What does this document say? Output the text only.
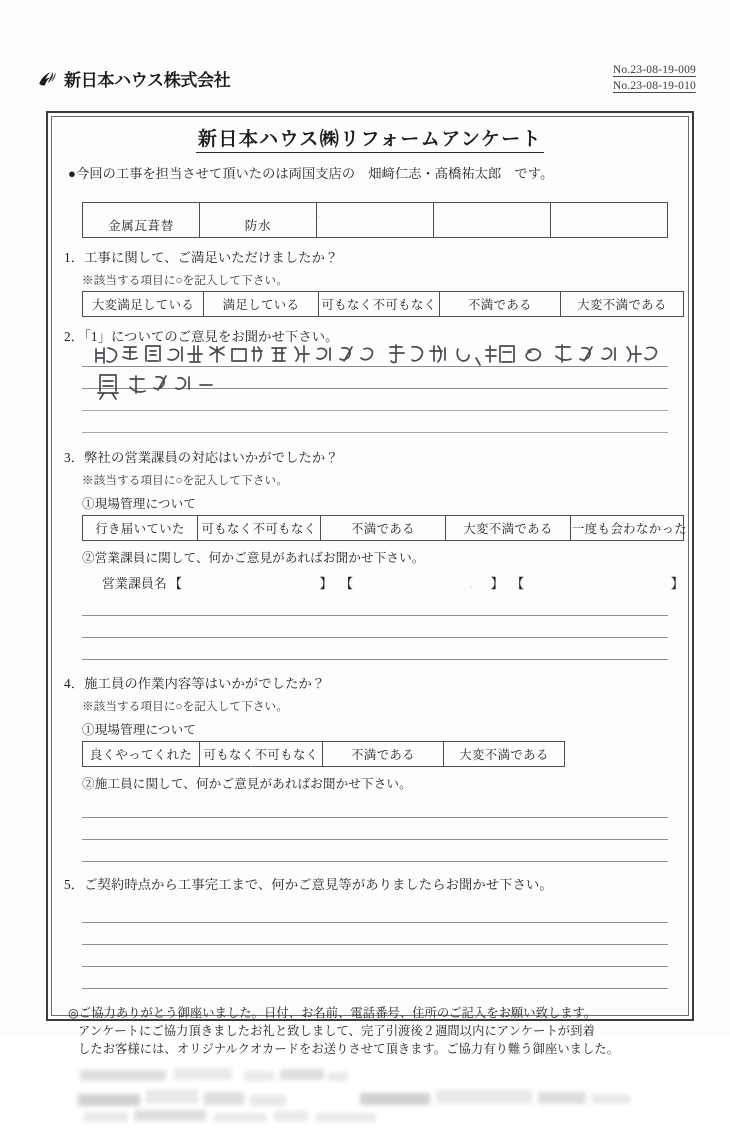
新日本ハウス株式会社
No.23-08-19-009
No.23-08-19-010
新日本ハウス㈱リフォームアンケート
●今回の工事を担当させて頂いたのは両国支店の　畑﨑仁志・髙橋祐太郎　です。
金属瓦葺替	防水			
1．工事に関して、ご満足いただけましたか？
※該当する項目に○を記入して下さい。
大変満足している	満足している	可もなく不可もなく	不満である	大変不満である
2．「1」についてのご意見をお聞かせ下さい。
3．弊社の営業課員の対応はいかがでしたか？
※該当する項目に○を記入して下さい。
①現場管理について
行き届いていた	可もなく不可もなく	不満である	大変不満である	一度も会わなかった
②営業課員に関して、何かご意見があればお聞かせ下さい。
営業課員名 【	】 【	】 【	】
4．施工員の作業内容等はいかがでしたか？
※該当する項目に○を記入して下さい。
①現場管理について
良くやってくれた	可もなく不可もなく	不満である	大変不満である
②施工員に関して、何かご意見があればお聞かせ下さい。
5．ご契約時点から工事完工まで、何かご意見等がありましたらお聞かせ下さい。
◎ご協力ありがとう御座いました。日付、お名前、電話番号、住所のご記入をお願い致します。
アンケートにご協力頂きましたお礼と致しまして、完了引渡後２週間以内にアンケートが到着
したお客様には、オリジナルクオカードをお送りさせて頂きます。ご協力有り難う御座いました。
